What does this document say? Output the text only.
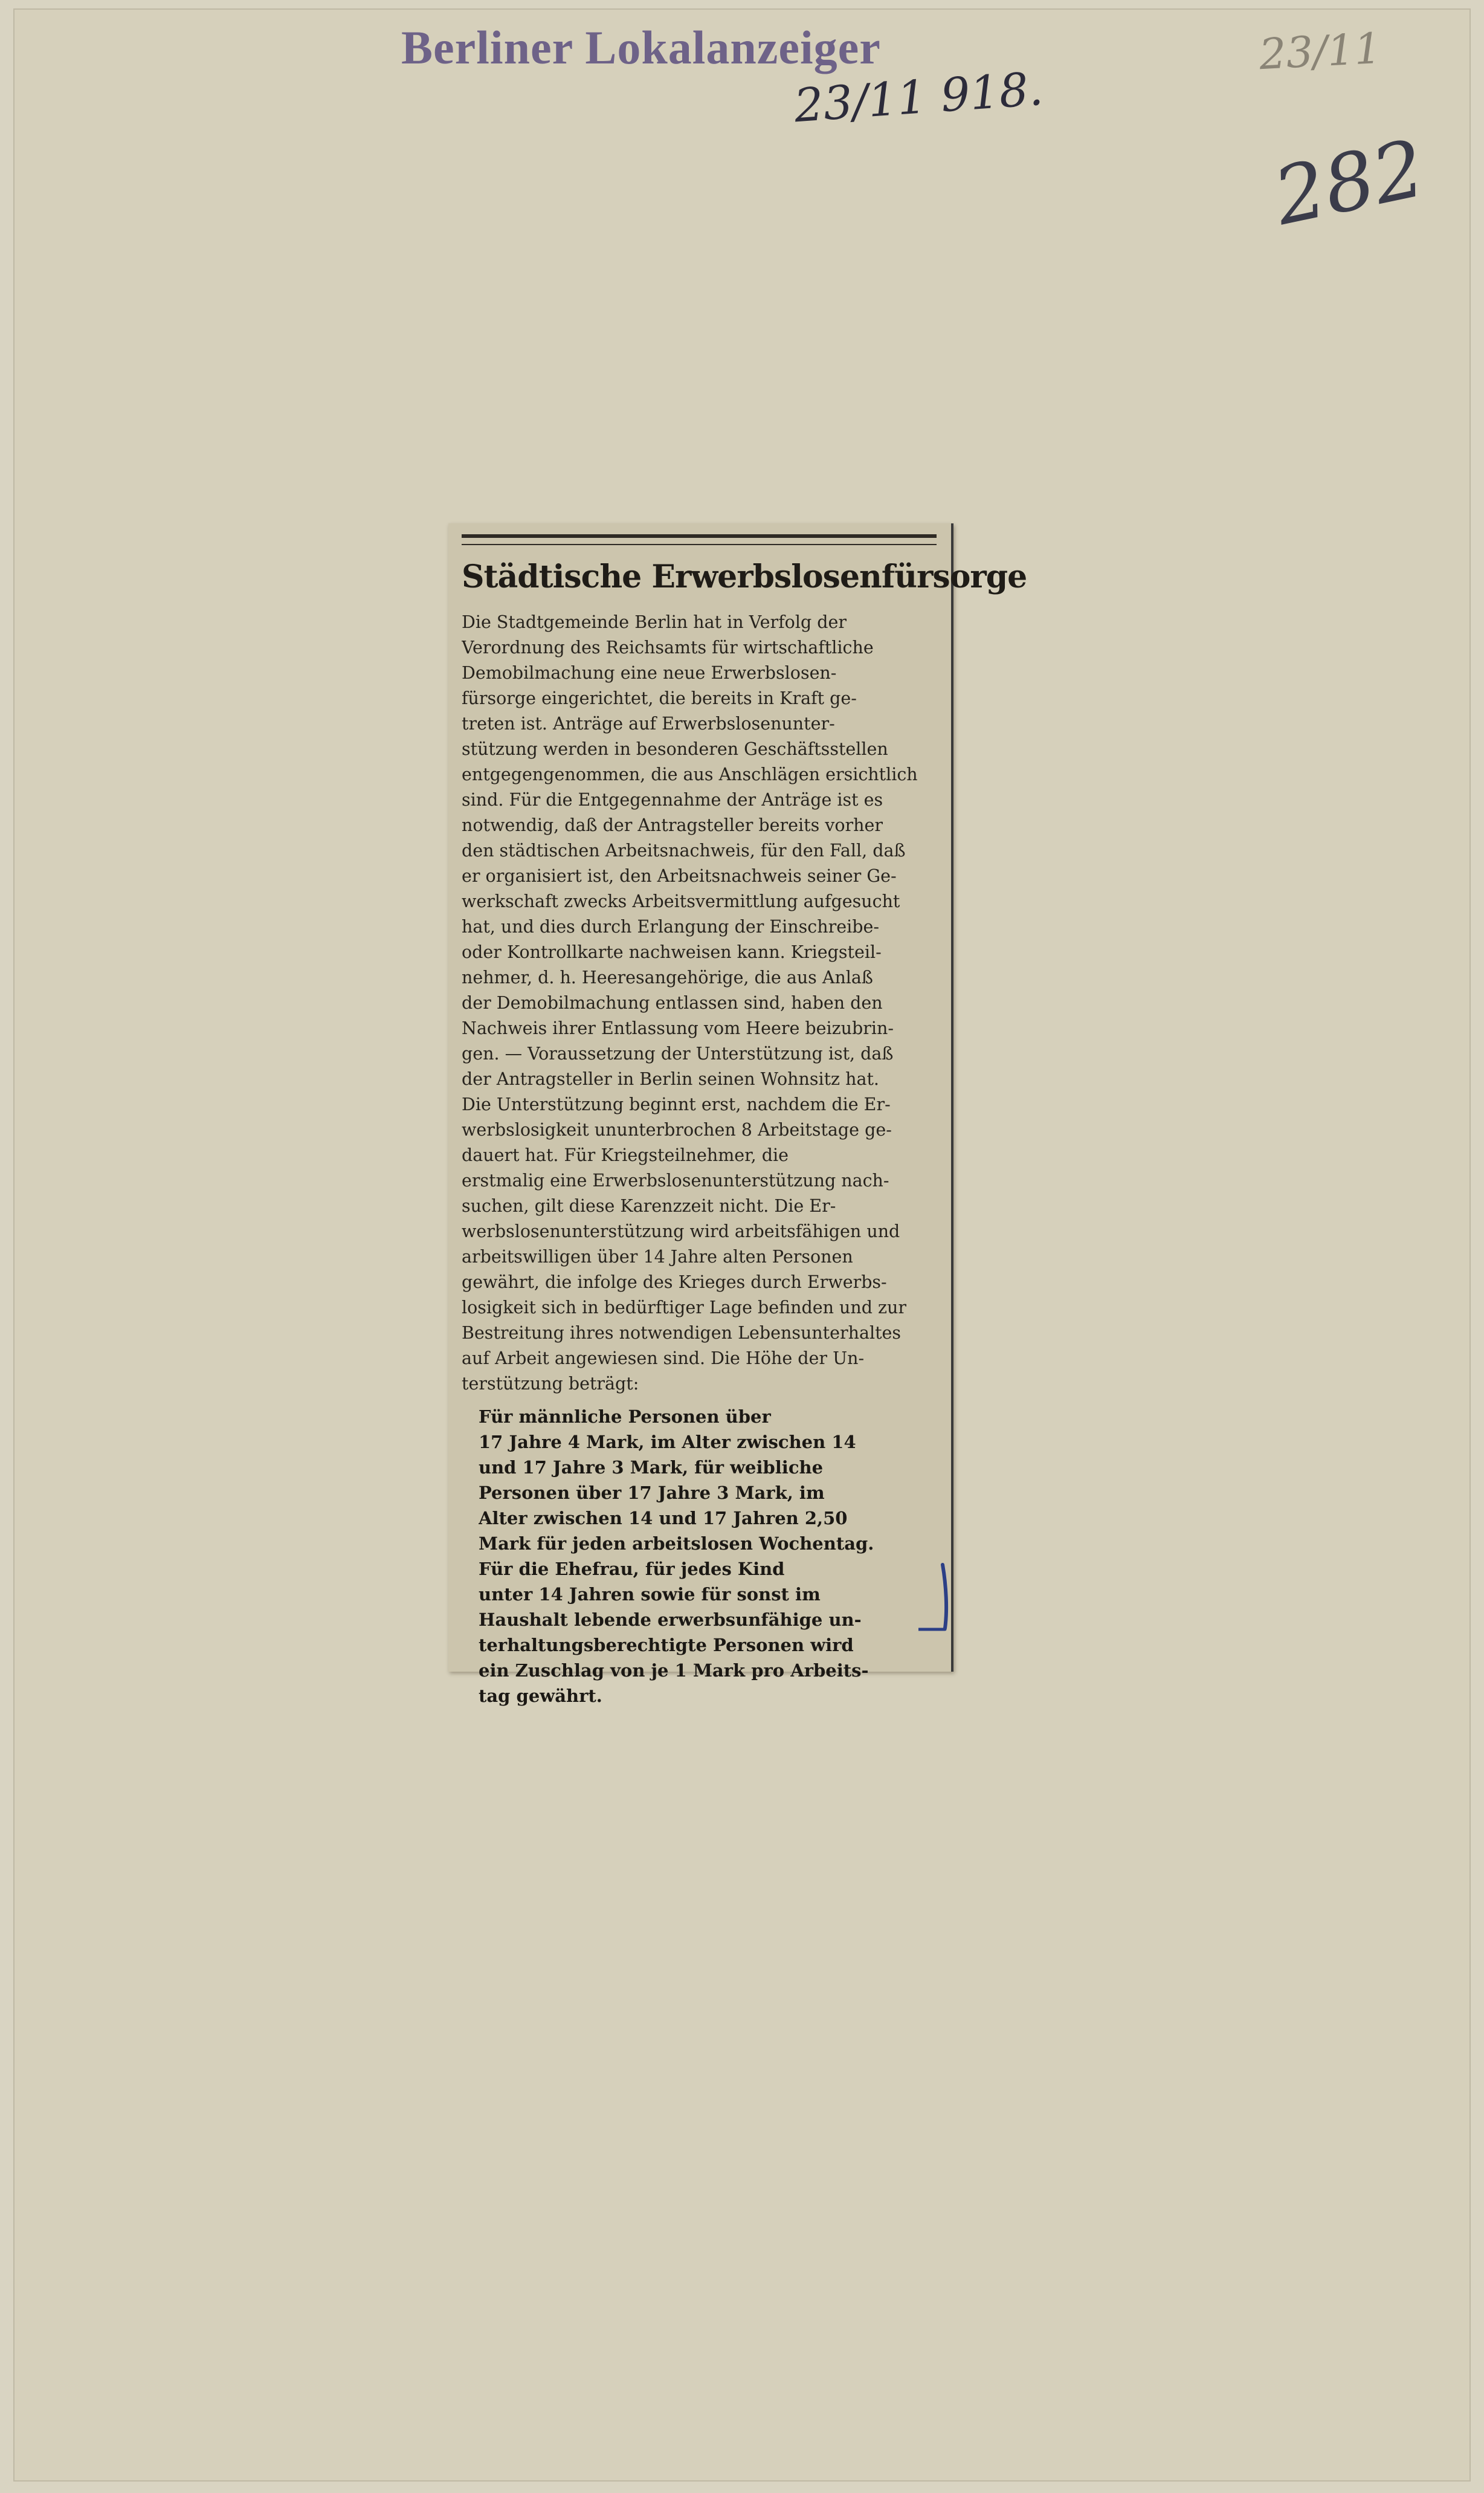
Berliner Lokalanzeiger
23/11 918.
23/11
282
Städtische Erwerbslosenfürsorge
Die Stadtgemeinde Berlin hat in Verfolg der
Verordnung des Reichsamts für wirtschaftliche
Demobilmachung eine neue Erwerbslosen-
fürsorge eingerichtet, die bereits in Kraft ge-
treten ist. Anträge auf Erwerbslosenunter-
stützung werden in besonderen Geschäftsstellen
entgegengenommen, die aus Anschlägen ersichtlich
sind. Für die Entgegennahme der Anträge ist es
notwendig, daß der Antragsteller bereits vorher
den städtischen Arbeitsnachweis, für den Fall, daß
er organisiert ist, den Arbeitsnachweis seiner Ge-
werkschaft zwecks Arbeitsvermittlung aufgesucht
hat, und dies durch Erlangung der Einschreibe-
oder Kontrollkarte nachweisen kann. Kriegsteil-
nehmer, d. h. Heeresangehörige, die aus Anlaß
der Demobilmachung entlassen sind, haben den
Nachweis ihrer Entlassung vom Heere beizubrin-
gen. — Voraussetzung der Unterstützung ist, daß
der Antragsteller in Berlin seinen Wohnsitz hat.
Die Unterstützung beginnt erst, nachdem die Er-
werbslosigkeit ununterbrochen 8 Arbeitstage ge-
dauert hat. Für Kriegsteilnehmer, die
erstmalig eine Erwerbslosenunterstützung nach-
suchen, gilt diese Karenzzeit nicht. Die Er-
werbslosenunterstützung wird arbeitsfähigen und
arbeitswilligen über 14 Jahre alten Personen
gewährt, die infolge des Krieges durch Erwerbs-
losigkeit sich in bedürftiger Lage befinden und zur
Bestreitung ihres notwendigen Lebensunterhaltes
auf Arbeit angewiesen sind. Die Höhe der Un-
terstützung beträgt:
Für männliche Personen über
17 Jahre 4 Mark, im Alter zwischen 14
und 17 Jahre 3 Mark, für weibliche
Personen über 17 Jahre 3 Mark, im
Alter zwischen 14 und 17 Jahren 2,50
Mark für jeden arbeitslosen Wochentag.
Für die Ehefrau, für jedes Kind
unter 14 Jahren sowie für sonst im
Haushalt lebende erwerbsunfähige un-
terhaltungsberechtigte Personen wird
ein Zuschlag von je 1 Mark pro Arbeits-
tag gewährt.
